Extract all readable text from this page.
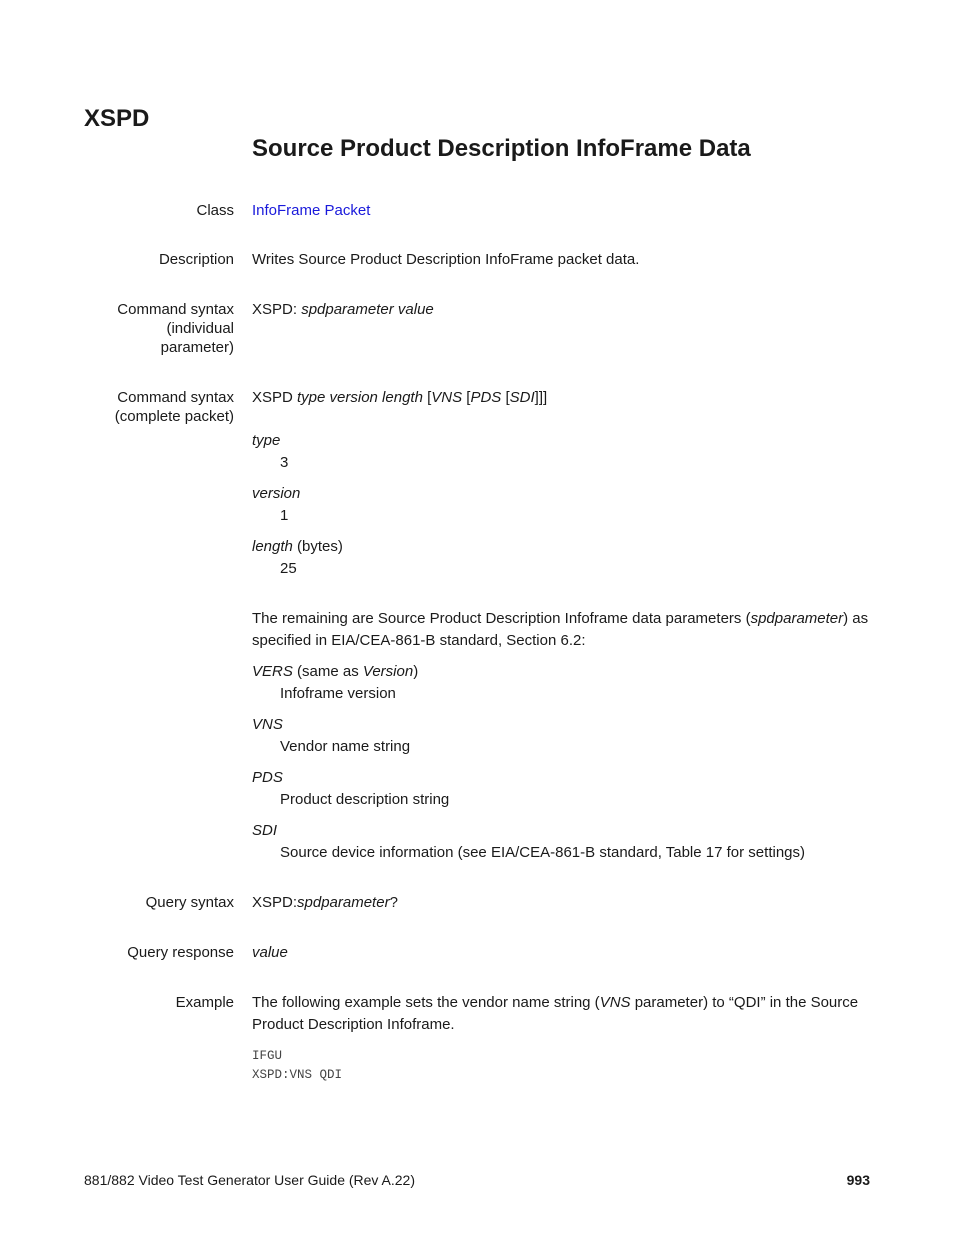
XSPD
Source Product Description InfoFrame Data
Class InfoFrame Packet
Description Writes Source Product Description InfoFrame packet data.
Command syntax
(individual
parameter)
XSPD: spdparameter value
Command syntax
(complete packet)
XSPD type version length [VNS [PDS [SDI]]]
type
3
version
1
length (bytes)
25
The remaining are Source Product Description Infoframe data parameters (spdparameter) as specified in EIA/CEA-861-B standard, Section 6.2:
VERS (same as Version)
Infoframe version
VNS
Vendor name string
PDS
Product description string
SDI
Source device information (see EIA/CEA-861-B standard, Table 17 for settings)
Query syntax XSPD:spdparameter?
Query response value
Example The following example sets the vendor name string (VNS parameter) to “QDI” in the Source Product Description Infoframe.
IFGU
XSPD:VNS QDI
881/882 Video Test Generator User Guide (Rev A.22)	993
